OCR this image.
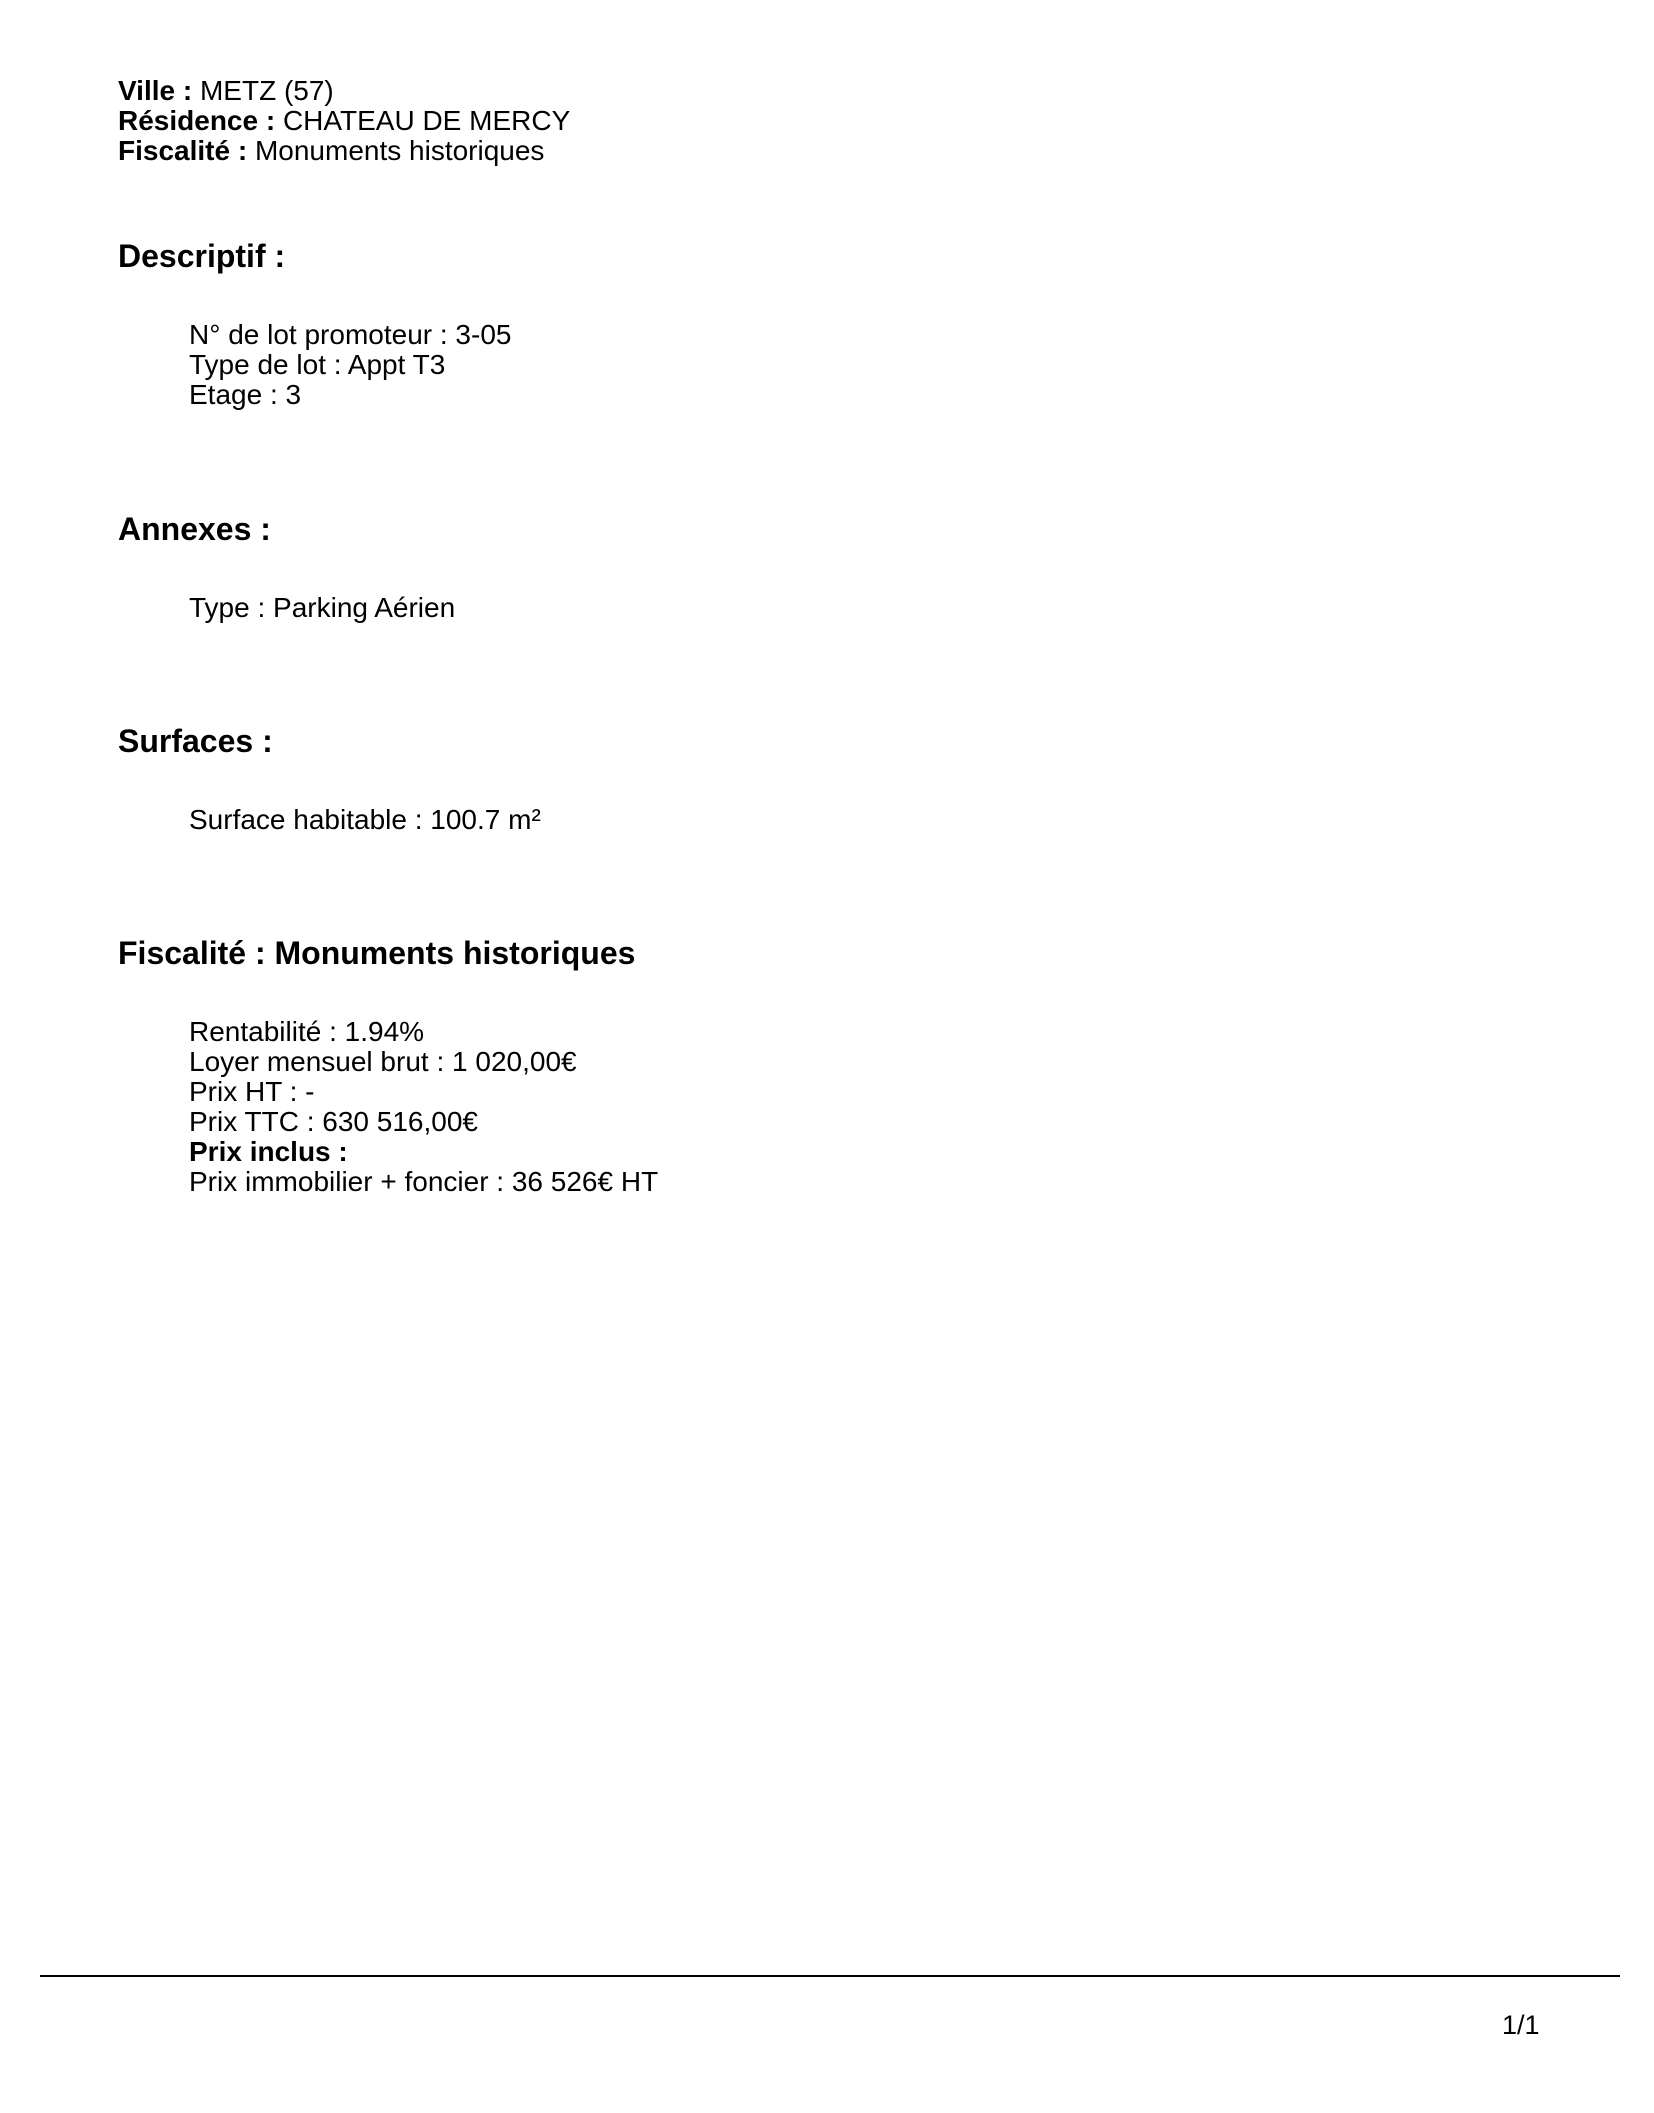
Ville : METZ (57)
Résidence : CHATEAU DE MERCY
Fiscalité : Monuments historiques
Descriptif :
N° de lot promoteur : 3-05
Type de lot : Appt T3
Etage : 3
Annexes :
Type : Parking Aérien
Surfaces :
Surface habitable : 100.7 m²
Fiscalité : Monuments historiques
Rentabilité : 1.94%
Loyer mensuel brut : 1 020,00€
Prix HT : -
Prix TTC : 630 516,00€
Prix inclus :
Prix immobilier + foncier : 36 526€ HT
1/1
